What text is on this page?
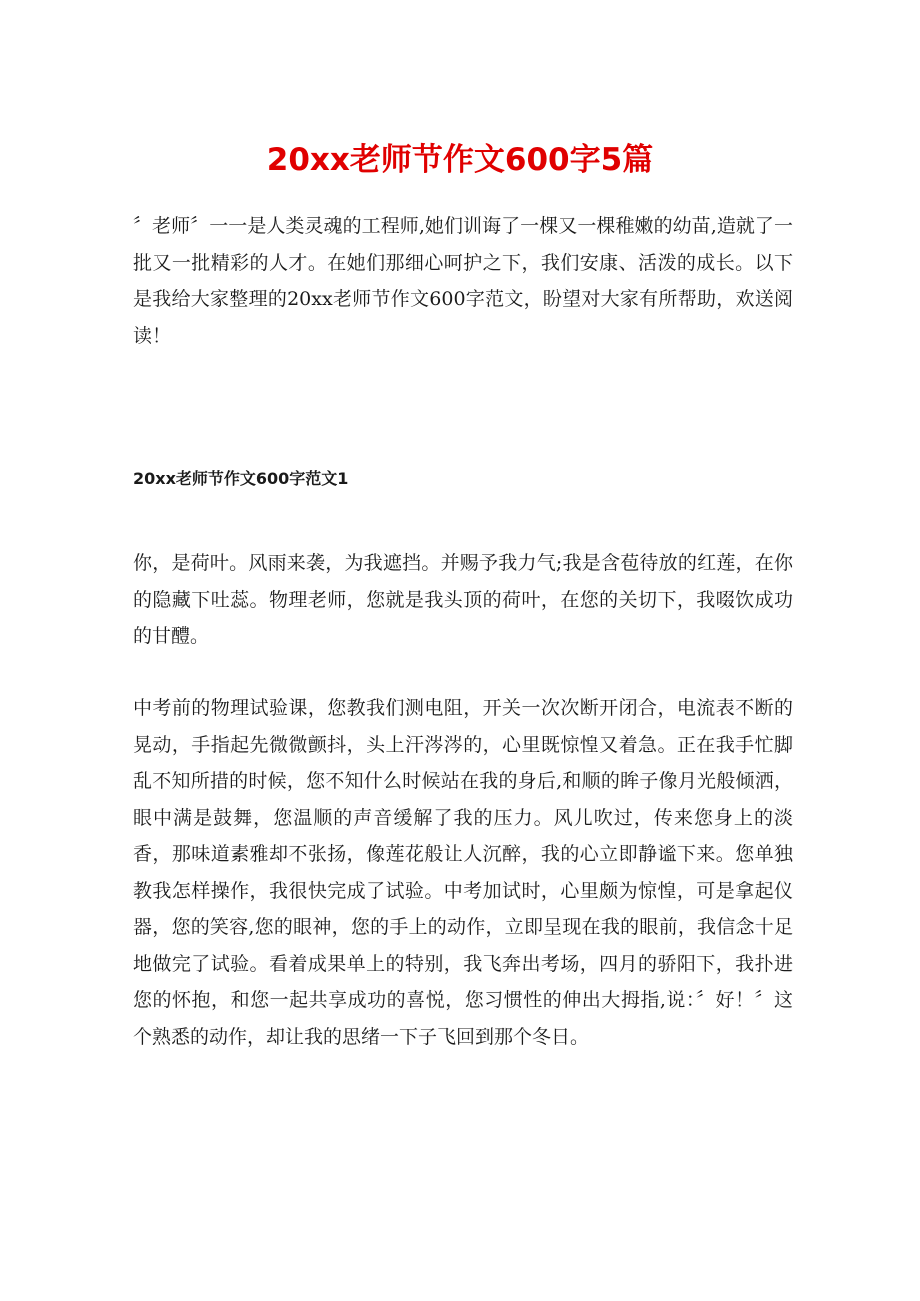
20xx老师节作文600字5篇

〞老师〞一一是人类灵魂的工程师,她们训诲了一棵又一棵稚嫩的幼苗,造就了一批又一批精彩的人才。在她们那细心呵护之下，我们安康、活泼的成长。以下是我给大家整理的20xx老师节作文600字范文，盼望对大家有所帮助，欢送阅读！

20xx老师节作文600字范文1

你，是荷叶。风雨来袭，为我遮挡。并赐予我力气;我是含苞待放的红莲，在你的隐藏下吐蕊。物理老师，您就是我头顶的荷叶，在您的关切下，我啜饮成功的甘醴。

中考前的物理试验课，您教我们测电阻，开关一次次断开闭合，电流表不断的晃动，手指起先微微颤抖，头上汗涔涔的，心里既惊惶又着急。正在我手忙脚乱不知所措的时候，您不知什么时候站在我的身后,和顺的眸子像月光般倾洒，眼中满是鼓舞，您温顺的声音缓解了我的压力。风儿吹过，传来您身上的淡香，那味道素雅却不张扬，像莲花般让人沉醉，我的心立即静谧下来。您单独教我怎样操作，我很快完成了试验。中考加试时，心里颇为惊惶，可是拿起仪器，您的笑容,您的眼神，您的手上的动作，立即呈现在我的眼前，我信念十足地做完了试验。看着成果单上的特别，我飞奔出考场，四月的骄阳下，我扑进您的怀抱，和您一起共享成功的喜悦，您习惯性的伸出大拇指,说：〞好！〞这个熟悉的动作，却让我的思绪一下子飞回到那个冬日。
